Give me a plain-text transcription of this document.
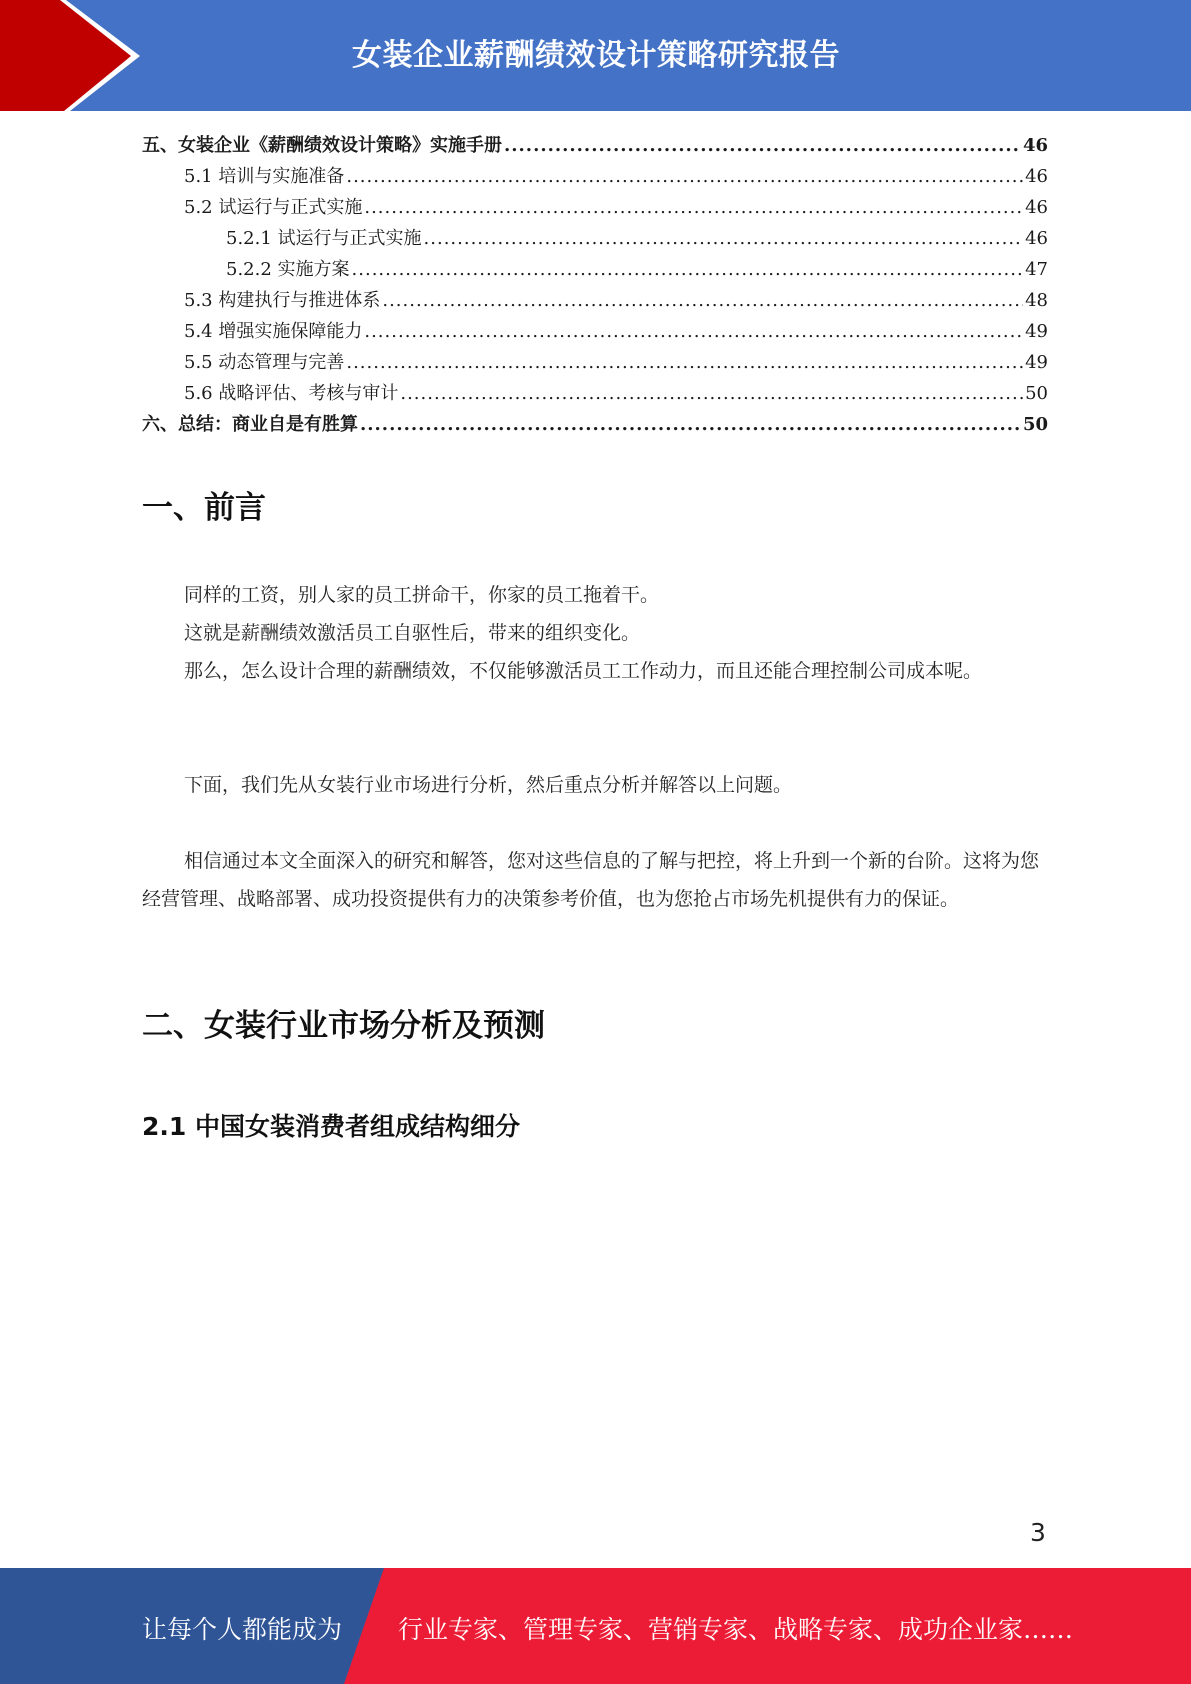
女装企业薪酬绩效设计策略研究报告
五、女装企业《薪酬绩效设计策略》实施手册 .....	46
5.1 培训与实施准备 .....	46
5.2 试运行与正式实施 .....	46
5.2.1 试运行与正式实施 .....	46
5.2.2 实施方案 .....	47
5.3 构建执行与推进体系 .....	48
5.4 增强实施保障能力 .....	49
5.5 动态管理与完善 .....	49
5.6 战略评估、考核与审计 .....	50
六、总结：商业自是有胜算 .....	50
一、前言

同样的工资，别人家的员工拼命干，你家的员工拖着干。

这就是薪酬绩效激活员工自驱性后，带来的组织变化。

那么，怎么设计合理的薪酬绩效，不仅能够激活员工工作动力，而且还能合理控制公司成本呢。

下面，我们先从女装行业市场进行分析，然后重点分析并解答以上问题。

相信通过本文全面深入的研究和解答，您对这些信息的了解与把控，将上升到一个新的台阶。这将为您经营管理、战略部署、成功投资提供有力的决策参考价值，也为您抢占市场先机提供有力的保证。

二、女装行业市场分析及预测
2.1 中国女装消费者组成结构细分
3
让每个人都能成为 行业专家、管理专家、营销专家、战略专家、成功企业家……
